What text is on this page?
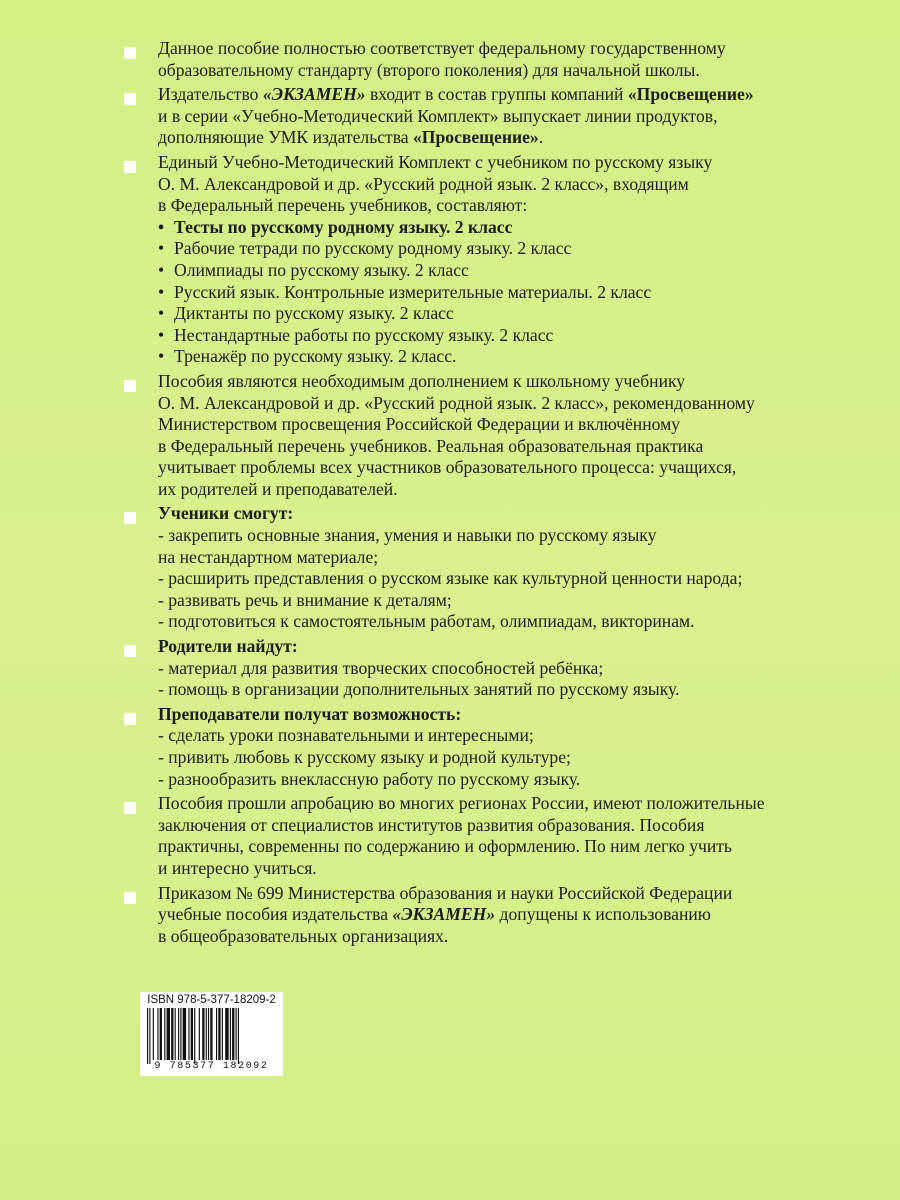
Данное пособие полностью соответствует федеральному государственному
образовательному стандарту (второго поколения) для начальной школы.
Издательство «ЭКЗАМЕН» входит в состав группы компаний «Просвещение»
и в серии «Учебно-Методический Комплект» выпускает линии продуктов,
дополняющие УМК издательства «Просвещение».
Единый Учебно-Методический Комплект с учебником по русскому языку
О. М. Александровой и др. «Русский родной язык. 2 класс», входящим
в Федеральный перечень учебников, составляют:
• Тесты по русскому родному языку. 2 класс
• Рабочие тетради по русскому родному языку. 2 класс
• Олимпиады по русскому языку. 2 класс
• Русский язык. Контрольные измерительные материалы. 2 класс
• Диктанты по русскому языку. 2 класс
• Нестандартные работы по русскому языку. 2 класс
• Тренажёр по русскому языку. 2 класс.
Пособия являются необходимым дополнением к школьному учебнику
О. М. Александровой и др. «Русский родной язык. 2 класс», рекомендованному
Министерством просвещения Российской Федерации и включённому
в Федеральный перечень учебников. Реальная образовательная практика
учитывает проблемы всех участников образовательного процесса: учащихся,
их родителей и преподавателей.
Ученики смогут:
- закрепить основные знания, умения и навыки по русскому языку
на нестандартном материале;
- расширить представления о русском языке как культурной ценности народа;
- развивать речь и внимание к деталям;
- подготовиться к самостоятельным работам, олимпиадам, викторинам.
Родители найдут:
- материал для развития творческих способностей ребёнка;
- помощь в организации дополнительных занятий по русскому языку.
Преподаватели получат возможность:
- сделать уроки познавательными и интересными;
- привить любовь к русскому языку и родной культуре;
- разнообразить внеклассную работу по русскому языку.
Пособия прошли апробацию во многих регионах России, имеют положительные
заключения от специалистов институтов развития образования. Пособия
практичны, современны по содержанию и оформлению. По ним легко учить
и интересно учиться.
Приказом № 699 Министерства образования и науки Российской Федерации
учебные пособия издательства «ЭКЗАМЕН» допущены к использованию
в общеобразовательных организациях.
ISBN 978-5-377-18209-2
9 785377 182092
